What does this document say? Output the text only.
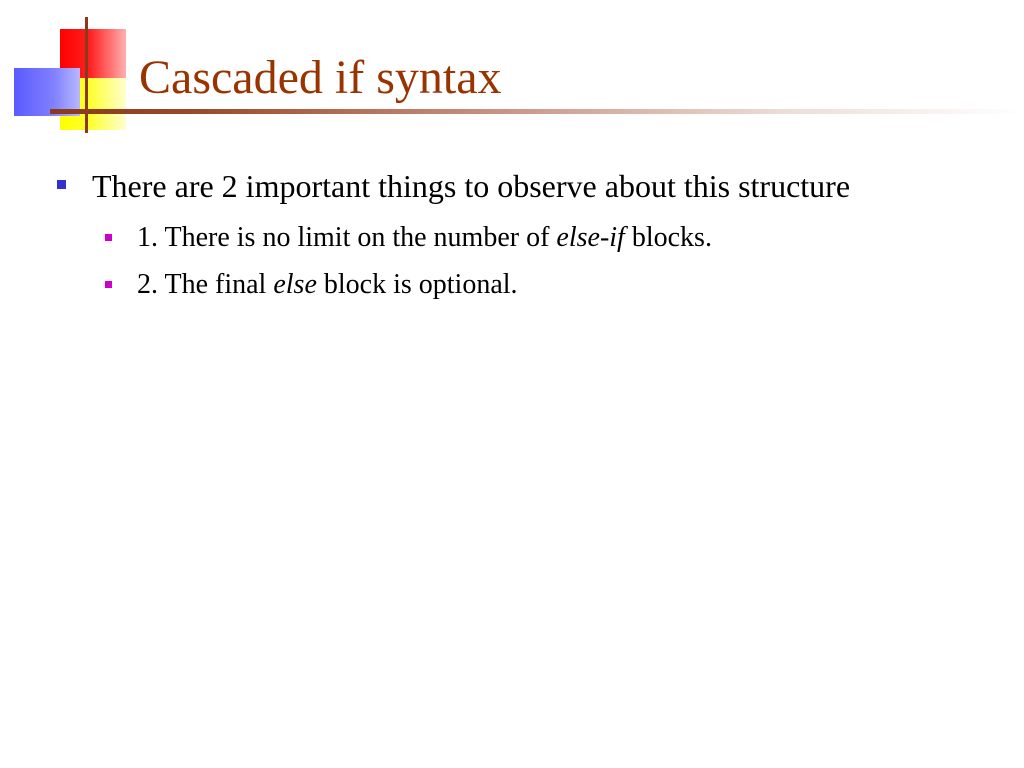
Cascaded if syntax
There are 2 important things to observe about this structure
1. There is no limit on the number of else-if blocks.
2. The final else block is optional.
